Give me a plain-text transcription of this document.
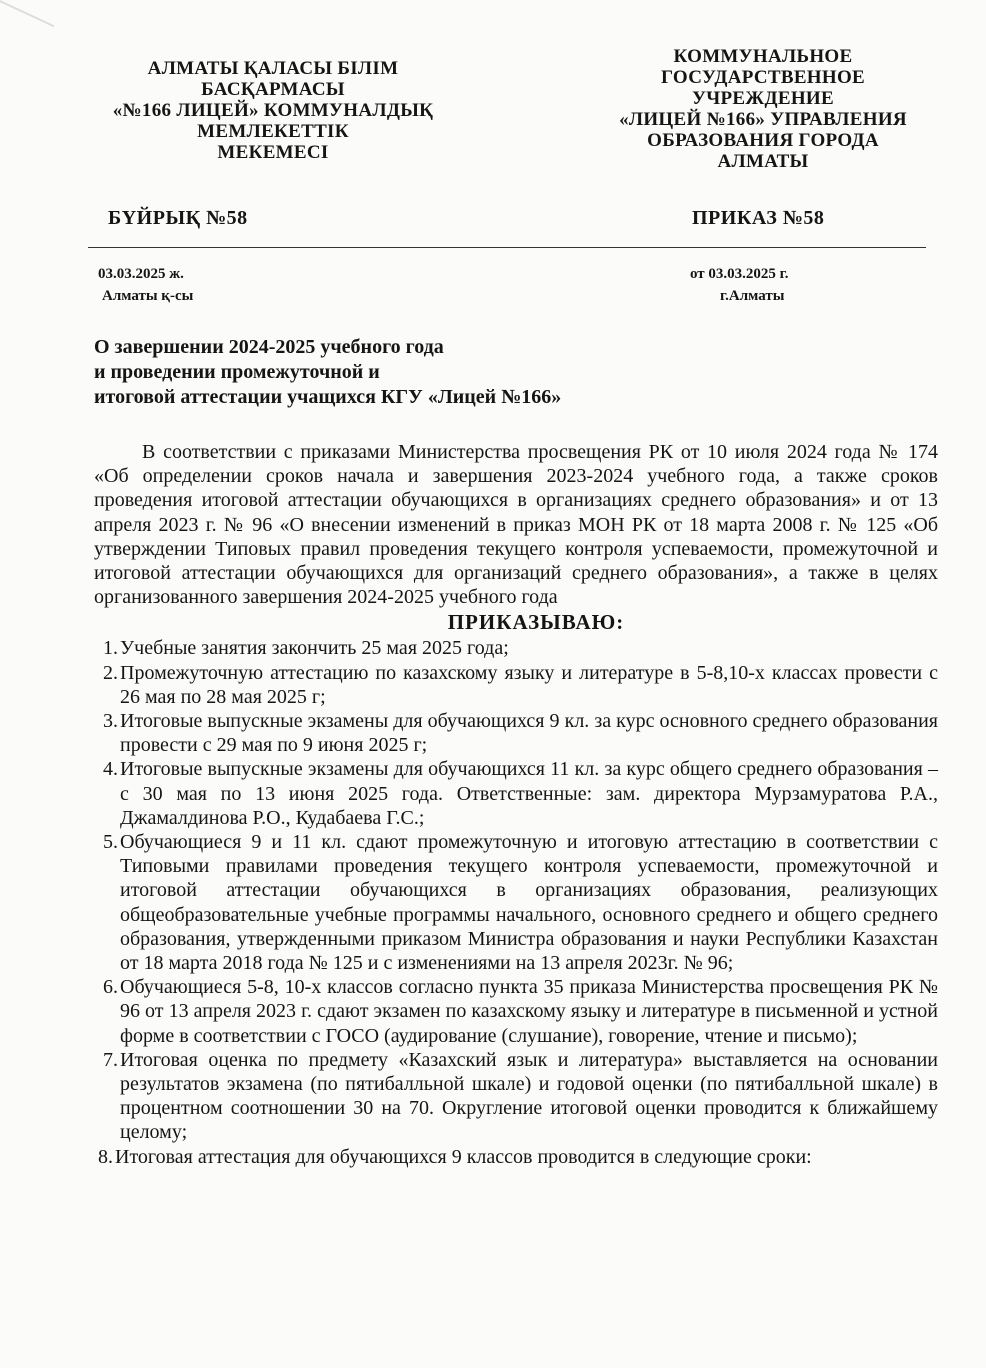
АЛМАТЫ ҚАЛАСЫ БІЛІМ
БАСҚАРМАСЫ
«№166 ЛИЦЕЙ» КОММУНАЛДЫҚ
МЕМЛЕКЕТТІК
МЕКЕМЕСІ
КОММУНАЛЬНОЕ
ГОСУДАРСТВЕННОЕ
УЧРЕЖДЕНИЕ
«ЛИЦЕЙ №166» УПРАВЛЕНИЯ
ОБРАЗОВАНИЯ ГОРОДА
АЛМАТЫ
БҮЙРЫҚ №58	ПРИКАЗ №58
03.03.2025 ж.
Алматы қ-сы
от 03.03.2025 г.
г.Алматы
О завершении 2024-2025 учебного года
и проведении промежуточной и
итоговой аттестации учащихся КГУ «Лицей №166»

В соответствии с приказами Министерства просвещения РК от 10 июля 2024 года № 174 «Об определении сроков начала и завершения 2023-2024 учебного года, а также сроков проведения итоговой аттестации обучающихся в организациях среднего образования» и от 13 апреля 2023 г. № 96 «О внесении изменений в приказ МОН РК от 18 марта 2008 г. № 125 «Об утверждении Типовых правил проведения текущего контроля успеваемости, промежуточной и итоговой аттестации обучающихся для организаций среднего образования», а также в целях организованного завершения 2024-2025 учебного года

ПРИКАЗЫВАЮ:

1. Учебные занятия закончить 25 мая 2025 года;
2. Промежуточную аттестацию по казахскому языку и литературе в 5-8,10-х классах провести с 26 мая по 28 мая 2025 г;
3. Итоговые выпускные экзамены для обучающихся 9 кл. за курс основного среднего образования провести с 29 мая по 9 июня 2025 г;
4. Итоговые выпускные экзамены для обучающихся 11 кл. за курс общего среднего образования – с 30 мая по 13 июня 2025 года. Ответственные: зам. директора Мурзамуратова Р.А., Джамалдинова Р.О., Кудабаева Г.С.;
5. Обучающиеся 9 и 11 кл. сдают промежуточную и итоговую аттестацию в соответствии с Типовыми правилами проведения текущего контроля успеваемости, промежуточной и итоговой аттестации обучающихся в организациях образования, реализующих общеобразовательные учебные программы начального, основного среднего и общего среднего образования, утвержденными приказом Министра образования и науки Республики Казахстан от 18 марта 2018 года № 125 и с изменениями на 13 апреля 2023г. № 96;
6. Обучающиеся 5-8, 10-х классов согласно пункта 35 приказа Министерства просвещения РК № 96 от 13 апреля 2023 г. сдают экзамен по казахскому языку и литературе в письменной и устной форме в соответствии с ГОСО (аудирование (слушание), говорение, чтение и письмо);
7. Итоговая оценка по предмету «Казахский язык и литература» выставляется на основании результатов экзамена (по пятибалльной шкале) и годовой оценки (по пятибалльной шкале) в процентном соотношении 30 на 70. Округление итоговой оценки проводится к ближайшему целому;
8. Итоговая аттестация для обучающихся 9 классов проводится в следующие сроки:
